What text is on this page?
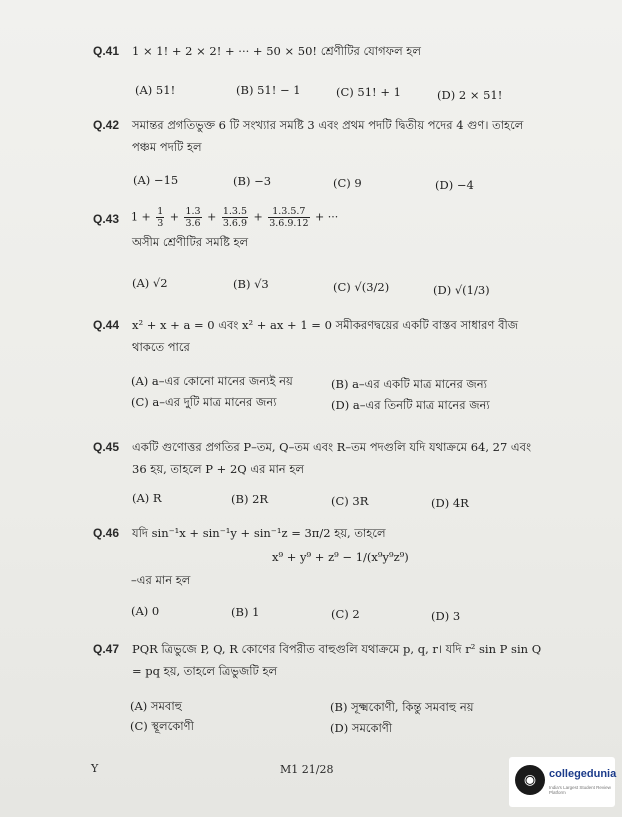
Q.41 1 × 1! + 2 × 2! + ··· + 50 × 50! শ্রেণীটির যোগফল হল
(A) 51!	(B) 51! − 1	(C) 51! + 1	(D) 2 × 51!
Q.42 সমান্তর প্রগতিভুক্ত 6 টি সংখ্যার সমষ্টি 3 এবং প্রথম পদটি দ্বিতীয় পদের 4 গুণ। তাহলে পঞ্চম পদটি হল
(A) −15	(B) −3	(C) 9	(D) −4
Q.43 $1 + \frac{1}{3} + \frac{1.3}{3.6} + \frac{1.3.5}{3.6.9} + \frac{1.3.5.7}{3.6.9.12}$ + ···
অসীম শ্রেণীটির সমষ্টি হল
(A) √2	(B) √3	(C) √(3/2)	(D) √(1/3)
Q.44 x² + x + a = 0 এবং x² + ax + 1 = 0 সমীকরণদ্বয়ের একটি বাস্তব সাধারণ বীজ থাকতে পারে
(A) a–এর কোনো মানের জন্যই নয়	(B) a–এর একটি মাত্র মানের জন্য
(C) a–এর দুটি মাত্র মানের জন্য	(D) a–এর তিনটি মাত্র মানের জন্য
Q.45 একটি গুণোত্তর প্রগতির P–তম, Q–তম এবং R–তম পদগুলি যদি যথাক্রমে 64, 27 এবং 36 হয়, তাহলে P + 2Q এর মান হল
(A) R	(B) 2R	(C) 3R	(D) 4R
Q.46 যদি sin⁻¹x + sin⁻¹y + sin⁻¹z = 3π/2 হয়, তাহলে
x⁹ + y⁹ + z⁹ − 1/(x⁹y⁹z⁹)
–এর মান হল
(A) 0	(B) 1	(C) 2	(D) 3
Q.47 PQR ত্রিভুজে P, Q, R কোণের বিপরীত বাহুগুলি যথাক্রমে p, q, r। যদি r² sin P sin Q = pq হয়, তাহলে ত্রিভুজটি হল
(A) সমবাহু	(B) সূক্ষ্মকোণী, কিন্তু সমবাহু নয়
(C) স্থূলকোণী	(D) সমকোণী
Y	M1 21/28
◉	collegedunia
India's Largest Student Review Platform
